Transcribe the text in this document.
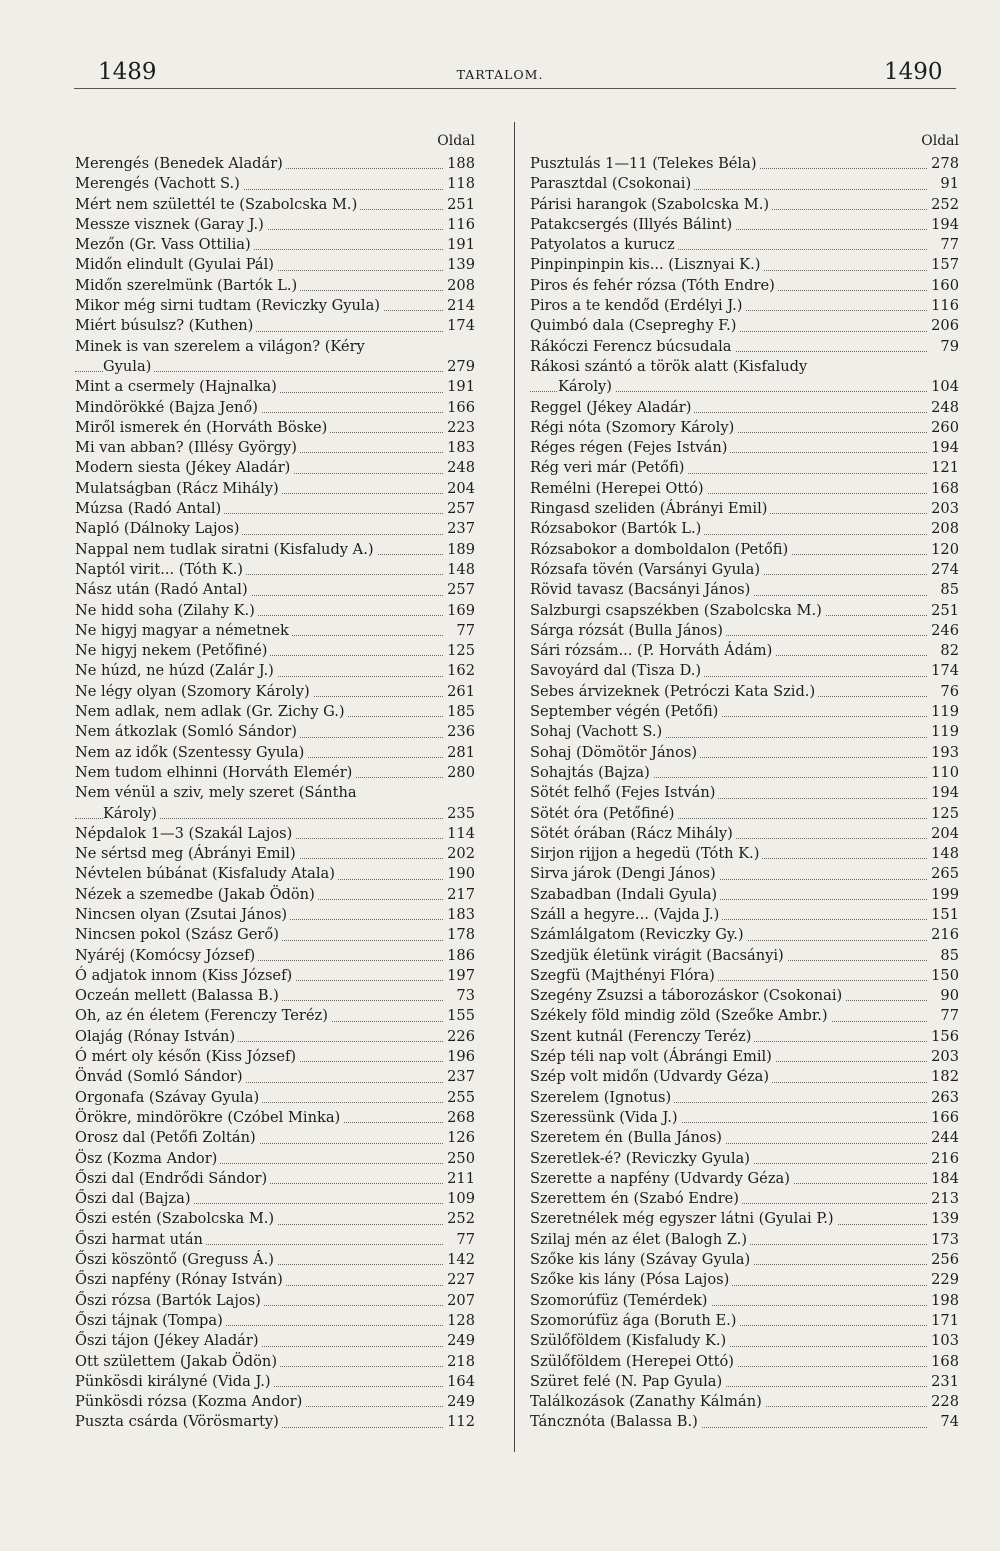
1489	TARTALOM.	1490
Oldal
Merengés (Benedek Aladár)	188
Merengés (Vachott S.)	118
Mért nem születtél te (Szabolcska M.)	251
Messze visznek (Garay J.)	116
Mezőn (Gr. Vass Ottilia)	191
Midőn elindult (Gyulai Pál)	139
Midőn szerelmünk (Bartók L.)	208
Mikor még sirni tudtam (Reviczky Gyula)	214
Miért búsulsz? (Kuthen)	174
Minek is van szerelem a világon? (Kéry
Gyula)	279
Mint a csermely (Hajnalka)	191
Mindörökké (Bajza Jenő)	166
Miről ismerek én (Horváth Böske)	223
Mi van abban? (Illésy György)	183
Modern siesta (Jékey Aladár)	248
Mulatságban (Rácz Mihály)	204
Múzsa (Radó Antal)	257
Napló (Dálnoky Lajos)	237
Nappal nem tudlak siratni (Kisfaludy A.)	189
Naptól virit... (Tóth K.)	148
Nász után (Radó Antal)	257
Ne hidd soha (Zilahy K.)	169
Ne higyj magyar a németnek	77
Ne higyj nekem (Petőfiné)	125
Ne húzd, ne húzd (Zalár J.)	162
Ne légy olyan (Szomory Károly)	261
Nem adlak, nem adlak (Gr. Zichy G.)	185
Nem átkozlak (Somló Sándor)	236
Nem az idők (Szentessy Gyula)	281
Nem tudom elhinni (Horváth Elemér)	280
Nem vénül a sziv, mely szeret (Sántha
Károly)	235
Népdalok 1—3 (Szakál Lajos)	114
Ne sértsd meg (Ábrányi Emil)	202
Névtelen búbánat (Kisfaludy Atala)	190
Nézek a szemedbe (Jakab Ödön)	217
Nincsen olyan (Zsutai János)	183
Nincsen pokol (Szász Gerő)	178
Nyáréj (Komócsy József)	186
Ó adjatok innom (Kiss József)	197
Oczeán mellett (Balassa B.)	73
Oh, az én életem (Ferenczy Teréz)	155
Olajág (Rónay István)	226
Ó mért oly későn (Kiss József)	196
Önvád (Somló Sándor)	237
Orgonafa (Szávay Gyula)	255
Örökre, mindörökre (Czóbel Minka)	268
Orosz dal (Petőfi Zoltán)	126
Ösz (Kozma Andor)	250
Őszi dal (Endrődi Sándor)	211
Őszi dal (Bajza)	109
Őszi estén (Szabolcska M.)	252
Őszi harmat után	77
Őszi köszöntő (Greguss Á.)	142
Őszi napfény (Rónay István)	227
Őszi rózsa (Bartók Lajos)	207
Őszi tájnak (Tompa)	128
Őszi tájon (Jékey Aladár)	249
Ott születtem (Jakab Ödön)	218
Pünkösdi királyné (Vida J.)	164
Pünkösdi rózsa (Kozma Andor)	249
Puszta csárda (Vörösmarty)	112
Oldal
Pusztulás 1—11 (Telekes Béla)	278
Parasztdal (Csokonai)	91
Párisi harangok (Szabolcska M.)	252
Patakcsergés (Illyés Bálint)	194
Patyolatos a kurucz	77
Pinpinpinpin kis... (Lisznyai K.)	157
Piros és fehér rózsa (Tóth Endre)	160
Piros a te kendőd (Erdélyi J.)	116
Quimbó dala (Csepreghy F.)	206
Rákóczi Ferencz búcsudala	79
Rákosi szántó a török alatt (Kisfaludy
Károly)	104
Reggel (Jékey Aladár)	248
Régi nóta (Szomory Károly)	260
Réges régen (Fejes István)	194
Rég veri már (Petőfi)	121
Remélni (Herepei Ottó)	168
Ringasd szeliden (Ábrányi Emil)	203
Rózsabokor (Bartók L.)	208
Rózsabokor a domboldalon (Petőfi)	120
Rózsafa tövén (Varsányi Gyula)	274
Rövid tavasz (Bacsányi János)	85
Salzburgi csapszékben (Szabolcska M.)	251
Sárga rózsát (Bulla János)	246
Sári rózsám... (P. Horváth Ádám)	82
Savoyárd dal (Tisza D.)	174
Sebes árvizeknek (Petróczi Kata Szid.)	76
September végén (Petőfi)	119
Sohaj (Vachott S.)	119
Sohaj (Dömötör János)	193
Sohajtás (Bajza)	110
Sötét felhő (Fejes István)	194
Sötét óra (Petőfiné)	125
Sötét órában (Rácz Mihály)	204
Sirjon rijjon a hegedü (Tóth K.)	148
Sirva járok (Dengi János)	265
Szabadban (Indali Gyula)	199
Száll a hegyre... (Vajda J.)	151
Számlálgatom (Reviczky Gy.)	216
Szedjük életünk virágit (Bacsányi)	85
Szegfü (Majthényi Flóra)	150
Szegény Zsuzsi a táborozáskor (Csokonai)	90
Székely föld mindig zöld (Szeőke Ambr.)	77
Szent kutnál (Ferenczy Teréz)	156
Szép téli nap volt (Ábrángi Emil)	203
Szép volt midőn (Udvardy Géza)	182
Szerelem (Ignotus)	263
Szeressünk (Vida J.)	166
Szeretem én (Bulla János)	244
Szeretlek-é? (Reviczky Gyula)	216
Szerette a napfény (Udvardy Géza)	184
Szerettem én (Szabó Endre)	213
Szeretnélek még egyszer látni (Gyulai P.)	139
Szilaj mén az élet (Balogh Z.)	173
Szőke kis lány (Szávay Gyula)	256
Szőke kis lány (Pósa Lajos)	229
Szomorúfüz (Temérdek)	198
Szomorúfüz ága (Boruth E.)	171
Szülőföldem (Kisfaludy K.)	103
Szülőföldem (Herepei Ottó)	168
Szüret felé (N. Pap Gyula)	231
Találkozások (Zanathy Kálmán)	228
Táncznóta (Balassa B.)	74
